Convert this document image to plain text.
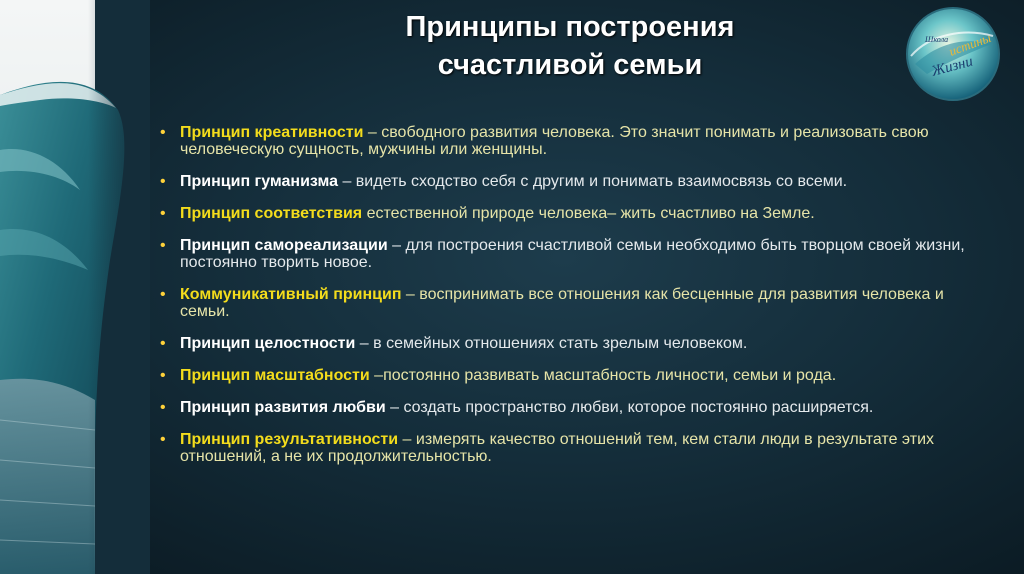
Принципы построения
счастливой семьи
Школа
истины
Жизни
• Принцип креативности – свободного развития человека. Это значит понимать и реализовать свою человеческую сущность, мужчины или женщины.
• Принцип гуманизма – видеть сходство себя с другим и понимать взаимосвязь со всеми.
• Принцип соответствия естественной природе человека– жить счастливо на Земле.
• Принцип самореализации – для построения счастливой семьи необходимо быть творцом своей жизни, постоянно творить новое.
• Коммуникативный принцип – воспринимать все отношения как бесценные для развития человека и семьи.
• Принцип целостности – в семейных отношениях стать зрелым человеком.
• Принцип масштабности –постоянно развивать масштабность личности, семьи и рода.
• Принцип развития любви – создать пространство любви, которое постоянно расширяется.
• Принцип результативности – измерять качество отношений тем, кем стали люди в результате этих отношений, а не их продолжительностью.
